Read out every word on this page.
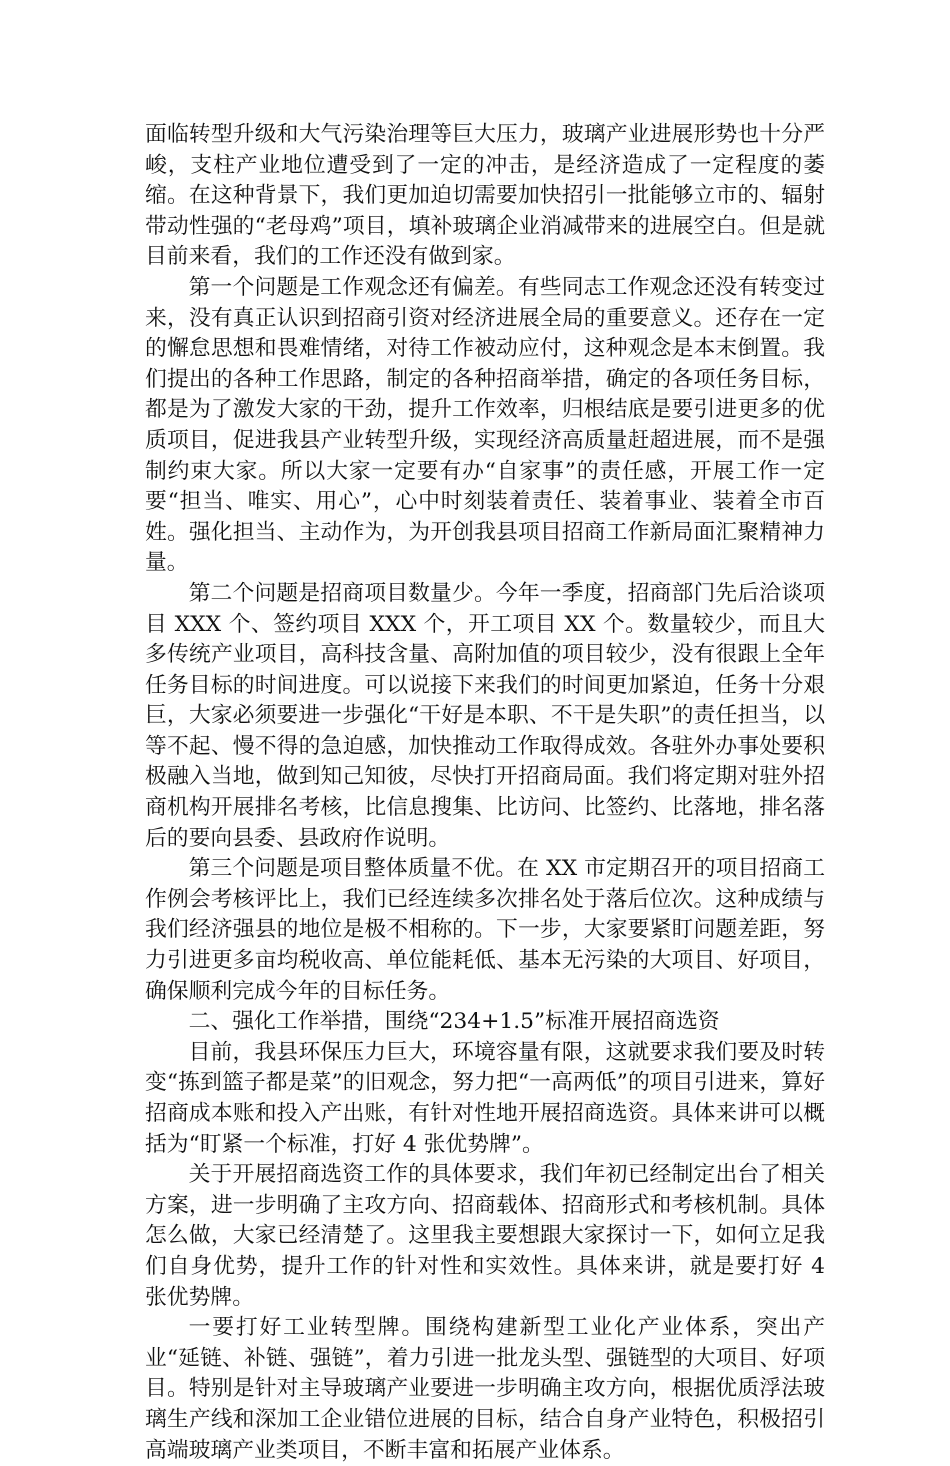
面临转型升级和大气污染治理等巨大压力，玻璃产业进展形势也十分严峻，支柱产业地位遭受到了一定的冲击，是经济造成了一定程度的萎缩。在这种背景下，我们更加迫切需要加快招引一批能够立市的、辐射带动性强的“老母鸡”项目，填补玻璃企业消减带来的进展空白。但是就目前来看，我们的工作还没有做到家。

第一个问题是工作观念还有偏差。有些同志工作观念还没有转变过来，没有真正认识到招商引资对经济进展全局的重要意义。还存在一定的懈怠思想和畏难情绪，对待工作被动应付，这种观念是本末倒置。我们提出的各种工作思路，制定的各种招商举措，确定的各项任务目标，都是为了激发大家的干劲，提升工作效率，归根结底是要引进更多的优质项目，促进我县产业转型升级，实现经济高质量赶超进展，而不是强制约束大家。所以大家一定要有办“自家事”的责任感，开展工作一定要“担当、唯实、用心”，心中时刻装着责任、装着事业、装着全市百姓。强化担当、主动作为，为开创我县项目招商工作新局面汇聚精神力量。

第二个问题是招商项目数量少。今年一季度，招商部门先后洽谈项目 XXX 个、签约项目 XXX 个，开工项目 XX 个。数量较少，而且大多传统产业项目，高科技含量、高附加值的项目较少，没有很跟上全年任务目标的时间进度。可以说接下来我们的时间更加紧迫，任务十分艰巨，大家必须要进一步强化“干好是本职、不干是失职”的责任担当，以等不起、慢不得的急迫感，加快推动工作取得成效。各驻外办事处要积极融入当地，做到知己知彼，尽快打开招商局面。我们将定期对驻外招商机构开展排名考核，比信息搜集、比访问、比签约、比落地，排名落后的要向县委、县政府作说明。

第三个问题是项目整体质量不优。在 XX 市定期召开的项目招商工作例会考核评比上，我们已经连续多次排名处于落后位次。这种成绩与我们经济强县的地位是极不相称的。下一步，大家要紧盯问题差距，努力引进更多亩均税收高、单位能耗低、基本无污染的大项目、好项目，确保顺利完成今年的目标任务。

二、强化工作举措，围绕“234+1.5”标准开展招商选资

目前，我县环保压力巨大，环境容量有限，这就要求我们要及时转变“拣到篮子都是菜”的旧观念，努力把“一高两低”的项目引进来，算好招商成本账和投入产出账，有针对性地开展招商选资。具体来讲可以概括为“盯紧一个标准，打好 4 张优势牌”。

关于开展招商选资工作的具体要求，我们年初已经制定出台了相关方案，进一步明确了主攻方向、招商载体、招商形式和考核机制。具体怎么做，大家已经清楚了。这里我主要想跟大家探讨一下，如何立足我们自身优势，提升工作的针对性和实效性。具体来讲，就是要打好 4 张优势牌。

一要打好工业转型牌。围绕构建新型工业化产业体系，突出产业“延链、补链、强链”，着力引进一批龙头型、强链型的大项目、好项目。特别是针对主导玻璃产业要进一步明确主攻方向，根据优质浮法玻璃生产线和深加工企业错位进展的目标，结合自身产业特色，积极招引高端玻璃产业类项目，不断丰富和拓展产业体系。
